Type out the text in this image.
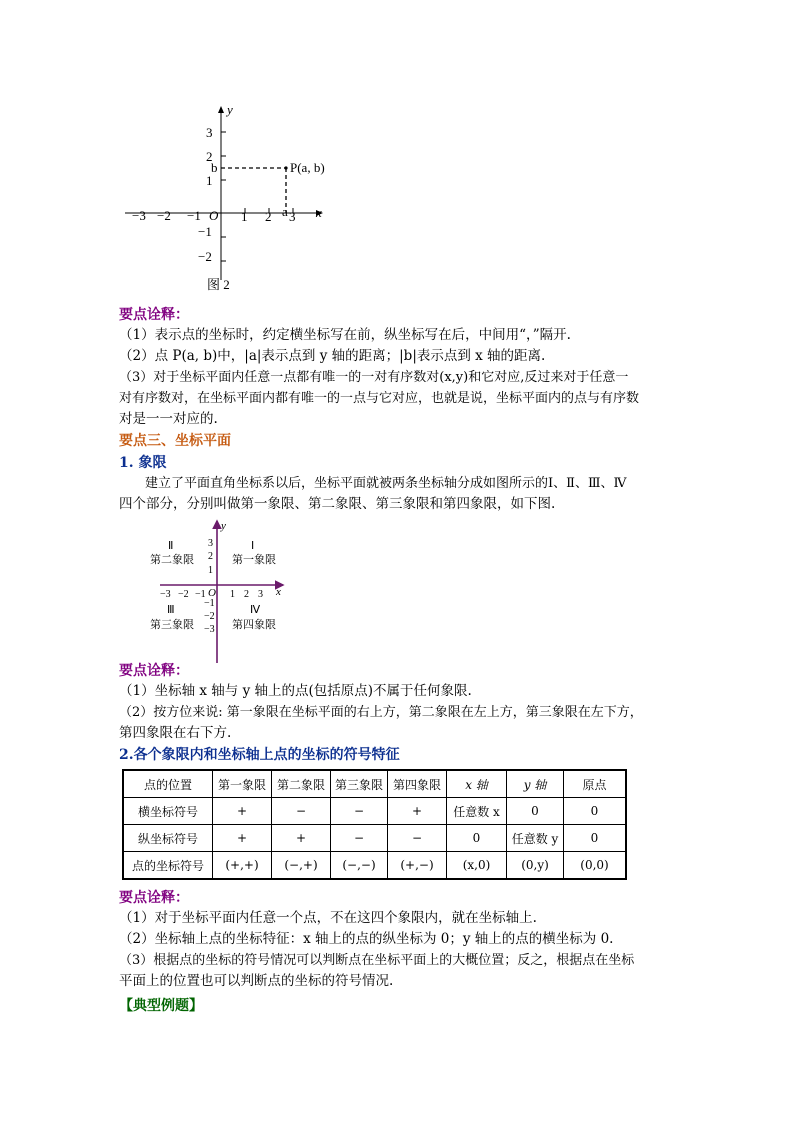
y
x
O
3
2
b
1
−1
−2
−3 −2 −1	1 2 a 3
P(a, b)
图 2
要点诠释：
（1）表示点的坐标时，约定横坐标写在前，纵坐标写在后，中间用“，”隔开.
（2）点 P(a, b)中，|a|表示点到 y 轴的距离；|b|表示点到 x 轴的距离.
（3）对于坐标平面内任意一点都有唯一的一对有序数对(x,y)和它对应,反过来对于任意一
对有序数对，在坐标平面内都有唯一的一点与它对应，也就是说，坐标平面内的点与有序数
对是一一对应的.
要点三、坐标平面
1. 象限
建立了平面直角坐标系以后，坐标平面就被两条坐标轴分成如图所示的Ⅰ、Ⅱ、Ⅲ、Ⅳ
四个部分，分别叫做第一象限、第二象限、第三象限和第四象限，如下图.
y
x
O
3
2
1
−1
−2
−3
−3 −2 −1 1 2 3
Ⅱ
第二象限
Ⅰ
第一象限
Ⅲ
第三象限
Ⅳ
第四象限
要点诠释：
（1）坐标轴 x 轴与 y 轴上的点(包括原点)不属于任何象限.
（2）按方位来说: 第一象限在坐标平面的右上方，第二象限在左上方，第三象限在左下方，
第四象限在右下方.
2.各个象限内和坐标轴上点的坐标的符号特征
点的位置	第一象限	第二象限	第三象限	第四象限	x 轴	y 轴	原点
横坐标符号	+	−	−	+	任意数 x	0	0
纵坐标符号	+	+	−	−	0	任意数 y	0
点的坐标符号	(+,+)	(−,+)	(−,−)	(+,−)	(x,0)	(0,y)	(0,0)
要点诠释：
（1）对于坐标平面内任意一个点，不在这四个象限内，就在坐标轴上.
（2）坐标轴上点的坐标特征：x 轴上的点的纵坐标为 0；y 轴上的点的横坐标为 0.
（3）根据点的坐标的符号情况可以判断点在坐标平面上的大概位置；反之，根据点在坐标
平面上的位置也可以判断点的坐标的符号情况.
【典型例题】
